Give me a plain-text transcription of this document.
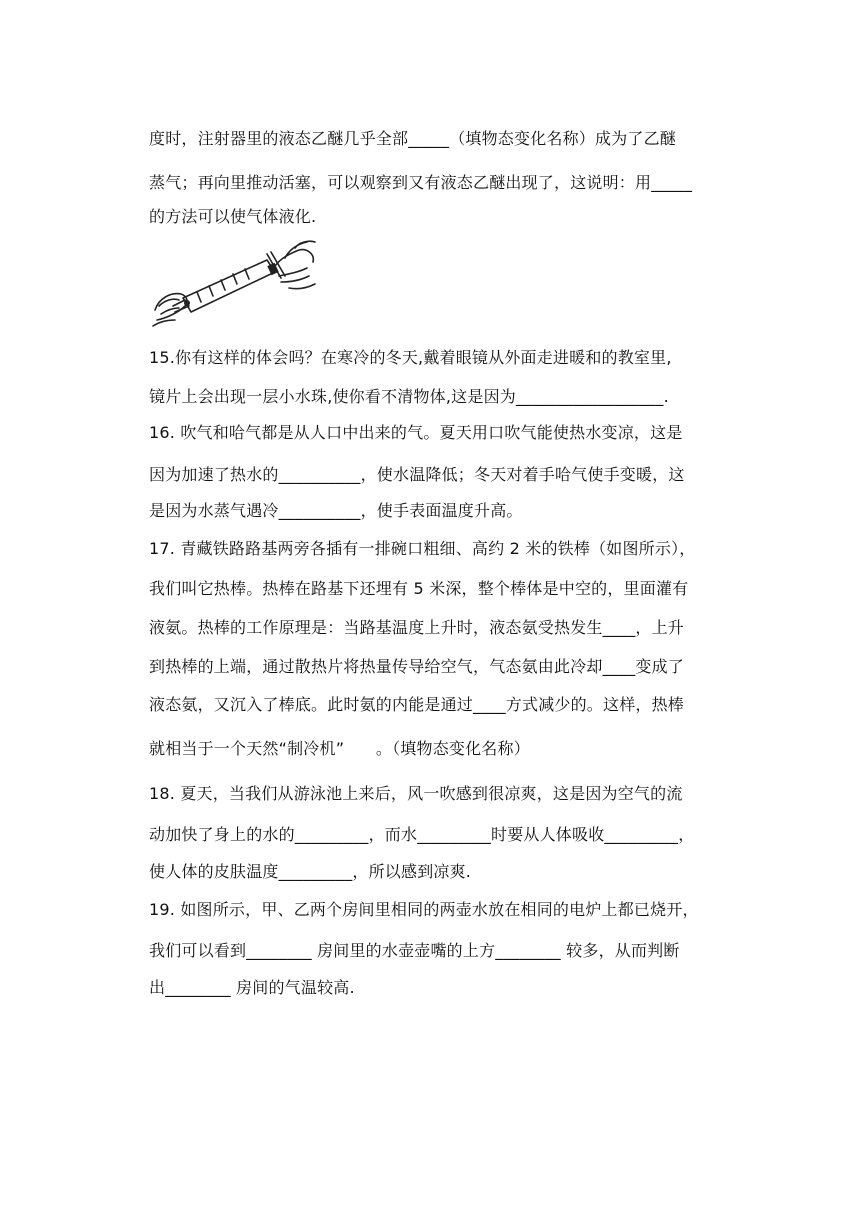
度时，注射器里的液态乙醚几乎全部_____（填物态变化名称）成为了乙醚
蒸气；再向里推动活塞，可以观察到又有液态乙醚出现了，这说明：用_____
的方法可以使气体液化.
15.你有这样的体会吗？在寒冷的冬天,戴着眼镜从外面走进暖和的教室里,
镜片上会出现一层小水珠,使你看不清物体,这是因为__________________.
16. 吹气和哈气都是从人口中出来的气。夏天用口吹气能使热水变凉，这是
因为加速了热水的__________，使水温降低；冬天对着手哈气使手变暖，这
是因为水蒸气遇冷__________，使手表面温度升高。
17. 青藏铁路路基两旁各插有一排碗口粗细、高约 2 米的铁棒（如图所示），
我们叫它热棒。热棒在路基下还埋有 5 米深，整个棒体是中空的，里面灌有
液氨。热棒的工作原理是：当路基温度上升时，液态氨受热发生____，上升
到热棒的上端，通过散热片将热量传导给空气，气态氨由此冷却____变成了
液态氨，又沉入了棒底。此时氨的内能是通过____方式减少的。这样，热棒
就相当于一个天然“制冷机”      。（填物态变化名称）
18. 夏天，当我们从游泳池上来后，风一吹感到很凉爽，这是因为空气的流
动加快了身上的水的_________，而水_________时要从人体吸收_________，
使人体的皮肤温度_________，所以感到凉爽.
19. 如图所示，甲、乙两个房间里相同的两壶水放在相同的电炉上都已烧开，
我们可以看到________ 房间里的水壶壶嘴的上方________ 较多，从而判断
出________ 房间的气温较高.
